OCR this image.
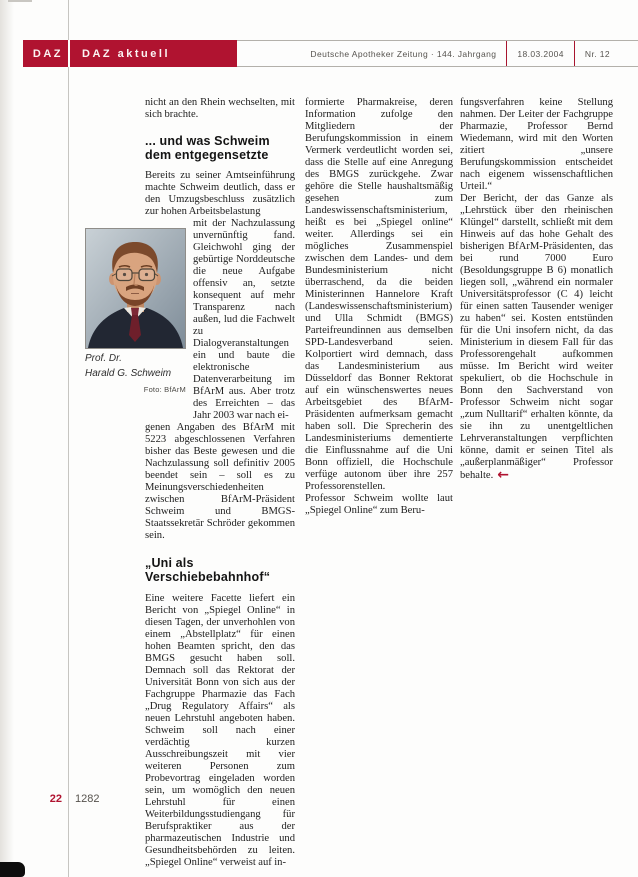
DAZ	DAZ aktuell	Deutsche Apotheker Zeitung · 144. Jahrgang	18.03.2004	Nr. 12
Prof. Dr.
Harald G. Schweim
Foto: BfArM

nicht an den Rhein wechselten, mit sich brachte.

... und was Schweim dem entgegensetzte

Bereits zu seiner Amtseinführung machte Schweim deutlich, dass er den Umzugsbeschluss zusätzlich zur hohen Arbeitsbelastung

mit der Nachzulassung unvernünftig fand. Gleichwohl ging der gebürtige Norddeutsche die neue Aufgabe offensiv an, setzte konsequent auf mehr Transparenz nach außen, lud die Fachwelt zu Dialogveranstaltungen ein und baute die elektronische Datenverarbeitung im BfArM aus. Aber trotz des Erreichten – das Jahr 2003 war nach ei-

genen Angaben des BfArM mit 5223 abgeschlossenen Verfahren bisher das Beste gewesen und die Nachzulassung soll definitiv 2005 beendet sein – soll es zu Meinungsverschiedenheiten zwischen BfArM-Präsident Schweim und BMGS-Staatssekretär Schröder gekommen sein.

„Uni als Verschiebebahnhof“

Eine weitere Facette liefert ein Bericht von „Spiegel Online“ in diesen Tagen, der unverhohlen von einem „Abstellplatz“ für einen hohen Beamten spricht, den das BMGS gesucht haben soll. Demnach soll das Rektorat der Universität Bonn von sich aus der Fachgruppe Pharmazie das Fach „Drug Regulatory Affairs“ als neuen Lehrstuhl angeboten haben. Schweim soll nach einer verdächtig kurzen Ausschreibungszeit mit vier weiteren Personen zum Probevortrag eingeladen worden sein, um womöglich den neuen Lehrstuhl für einen Weiterbildungsstudiengang für Berufspraktiker aus der pharmazeutischen Industrie und Gesundheitsbehörden zu leiten. „Spiegel Online“ verweist auf in-

formierte Pharmakreise, deren Information zufolge den Mitgliedern der Berufungskommission in einem Vermerk verdeutlicht worden sei, dass die Stelle auf eine Anregung des BMGS zurückgehe. Zwar gehöre die Stelle haushaltsmäßig gesehen zum Landeswissenschaftsministerium, heißt es bei „Spiegel online“ weiter. Allerdings sei ein mögliches Zusammenspiel zwischen dem Landes- und dem Bundesministerium nicht überraschend, da die beiden Ministerinnen Hannelore Kraft (Landeswissenschaftsministerium) und Ulla Schmidt (BMGS) Parteifreundinnen aus demselben SPD-Landesverband seien. Kolportiert wird demnach, dass das Landesministerium aus Düsseldorf das Bonner Rektorat auf ein wünschenswertes neues Arbeitsgebiet des BfArM-Präsidenten aufmerksam gemacht haben soll. Die Sprecherin des Landesministeriums dementierte die Einflussnahme auf die Uni Bonn offiziell, die Hochschule verfüge autonom über ihre 257 Professorenstellen.

Professor Schweim wollte laut „Spiegel Online“ zum Beru-

fungsverfahren keine Stellung nahmen. Der Leiter der Fachgruppe Pharmazie, Professor Bernd Wiedemann, wird mit den Worten zitiert „unsere Berufungskommission entscheidet nach eigenem wissenschaftlichen Urteil.“

Der Bericht, der das Ganze als „Lehrstück über den rheinischen Klüngel“ darstellt, schließt mit dem Hinweis auf das hohe Gehalt des bisherigen BfArM-Präsidenten, das bei rund 7000 Euro (Besoldungsgruppe B 6) monatlich liegen soll, „während ein normaler Universitätsprofessor (C 4) leicht für einen satten Tausender weniger zu haben“ sei. Kosten entstünden für die Uni insofern nicht, da das Ministerium in diesem Fall für das Professorengehalt aufkommen müsse. Im Bericht wird weiter spekuliert, ob die Hochschule in Bonn den Sachverstand von Professor Schweim nicht sogar „zum Nulltarif“ erhalten könnte, da sie ihn zu unentgeltlichen Lehrveranstaltungen verpflichten könne, damit er seinen Titel als „außerplanmäßiger“ Professor behalte. ←

22 1282
